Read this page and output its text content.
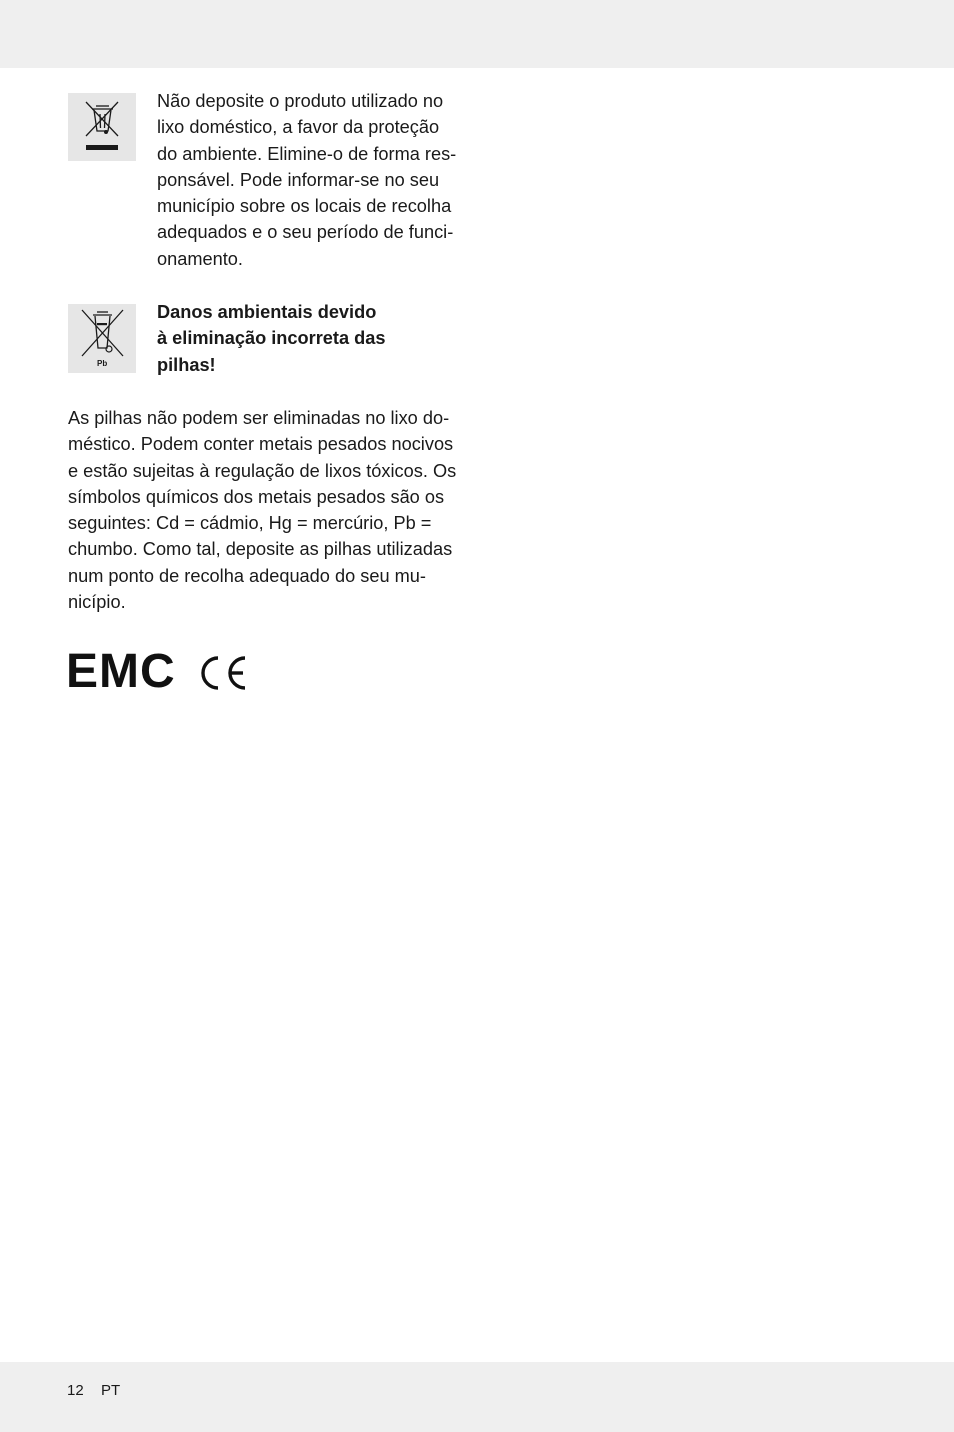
Não deposite o produto utilizado no
lixo doméstico, a favor da proteção
do ambiente. Elimine-o de forma res-
ponsável. Pode informar-se no seu
município sobre os locais de recolha
adequados e o seu período de funci-
onamento.

Pb

Danos ambientais devido
à eliminação incorreta das
pilhas!

As pilhas não podem ser eliminadas no lixo do-
méstico. Podem conter metais pesados nocivos
e estão sujeitas à regulação de lixos tóxicos. Os
símbolos químicos dos metais pesados são os
seguintes: Cd = cádmio, Hg = mercúrio, Pb =
chumbo. Como tal, deposite as pilhas utilizadas
num ponto de recolha adequado do seu mu-
nicípio.

EMC
12 PT
